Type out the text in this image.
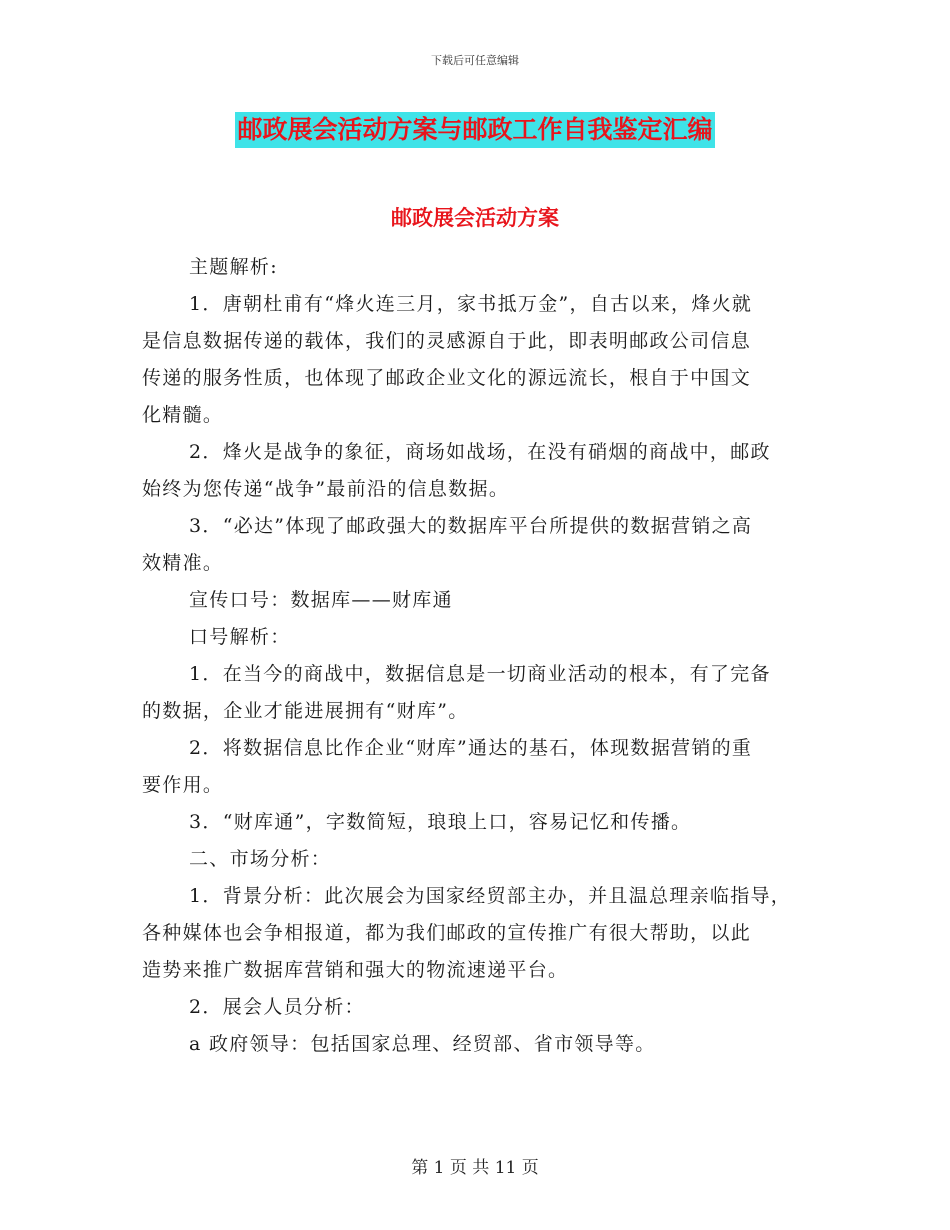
下载后可任意编辑
邮政展会活动方案与邮政工作自我鉴定汇编
邮政展会活动方案
主题解析:
1．唐朝杜甫有“烽火连三月，家书抵万金”，自古以来，烽火就
是信息数据传递的载体，我们的灵感源自于此，即表明邮政公司信息
传递的服务性质，也体现了邮政企业文化的源远流长，根自于中国文
化精髓。
2．烽火是战争的象征，商场如战场，在没有硝烟的商战中，邮政
始终为您传递“战争”最前沿的信息数据。
3．“必达”体现了邮政强大的数据库平台所提供的数据营销之高
效精准。
宣传口号：数据库——财库通
口号解析：
1．在当今的商战中，数据信息是一切商业活动的根本，有了完备
的数据，企业才能进展拥有“财库”。
2．将数据信息比作企业“财库”通达的基石，体现数据营销的重
要作用。
3．“财库通”，字数简短，琅琅上口，容易记忆和传播。
二、市场分析：
1．背景分析：此次展会为国家经贸部主办，并且温总理亲临指导，
各种媒体也会争相报道，都为我们邮政的宣传推广有很大帮助，以此
造势来推广数据库营销和强大的物流速递平台。
2．展会人员分析：
a 政府领导：包括国家总理、经贸部、省市领导等。
第 1 页 共 11 页
